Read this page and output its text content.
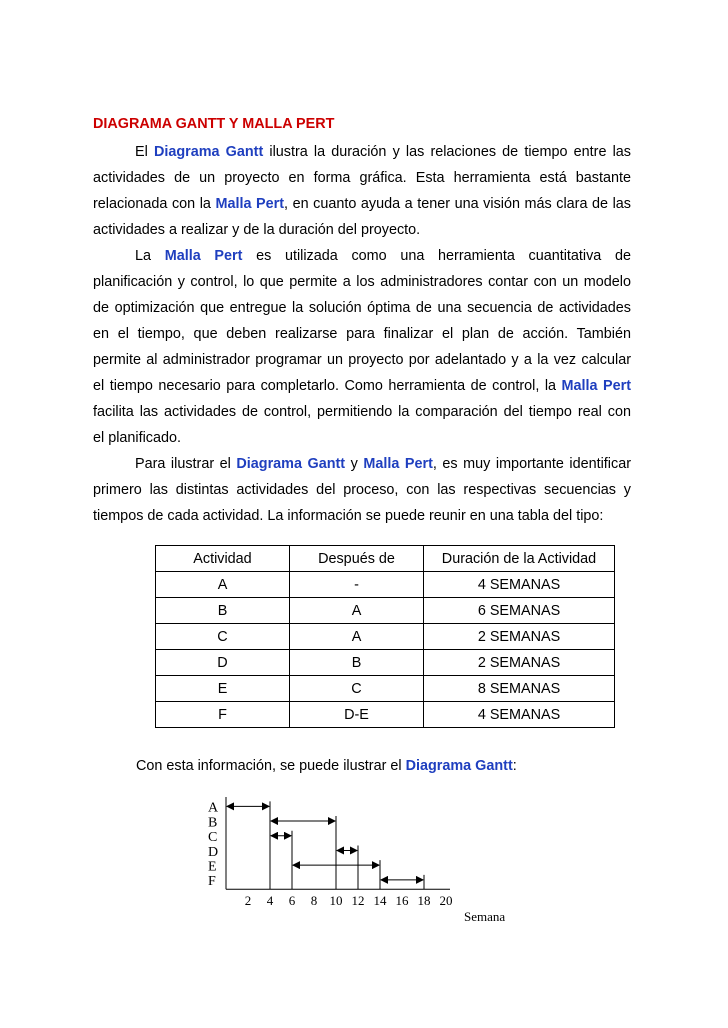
DIAGRAMA GANTT Y MALLA PERT

El Diagrama Gantt ilustra la duración y las relaciones de tiempo entre las

actividades de un proyecto en forma gráfica. Esta herramienta está bastante

relacionada con la Malla Pert, en cuanto ayuda a tener una visión más clara de las

actividades a realizar y de la duración del proyecto.

La Malla Pert es utilizada como una herramienta cuantitativa de

planificación y control, lo que permite a los administradores contar con un modelo

de optimización que entregue la solución óptima de una secuencia de actividades

en el tiempo, que deben realizarse para finalizar el plan de acción. También

permite al administrador programar un proyecto por adelantado y a la vez calcular

el tiempo necesario para completarlo. Como herramienta de control, la Malla Pert

facilita las actividades de control, permitiendo la comparación del tiempo real con

el planificado.

Para ilustrar el Diagrama Gantt y Malla Pert, es muy importante identificar

primero las distintas actividades del proceso, con las respectivas secuencias y

tiempos de cada actividad. La información se puede reunir en una tabla del tipo:

Actividad	Después de	Duración de la Actividad
A	-	4 SEMANAS
B	A	6 SEMANAS
C	A	2 SEMANAS
D	B	2 SEMANAS
E	C	8 SEMANAS
F	D-E	4 SEMANAS
Con esta información, se puede ilustrar el Diagrama Gantt:
A
B
C
D
E
F
2 4 6 8 10 12 14 16 18 20
Semana
